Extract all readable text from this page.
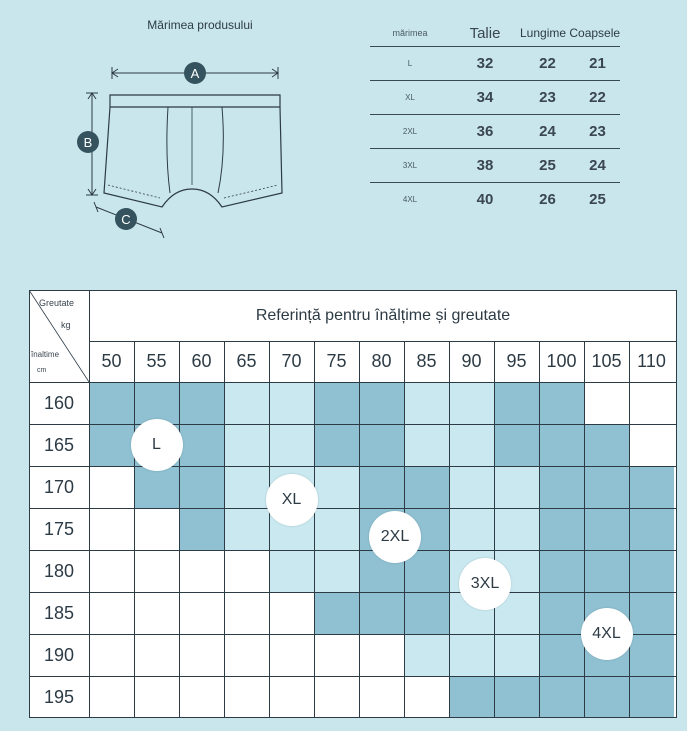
Mărimea produsului
A
B
C
mărimea	Talie	Lungime Coapsele
L	32	22	21
XL	34	23	22
2XL	36	24	23
3XL	38	25	24
4XL	40	26	25
Greutate
kg
înaltime
cm
Referință pentru înălțime și greutate
50	55	60	65	70	75	80	85	90	95	100 105 110
160
165
170
175
180
185
190
195
L
XL
2XL
3XL
4XL
